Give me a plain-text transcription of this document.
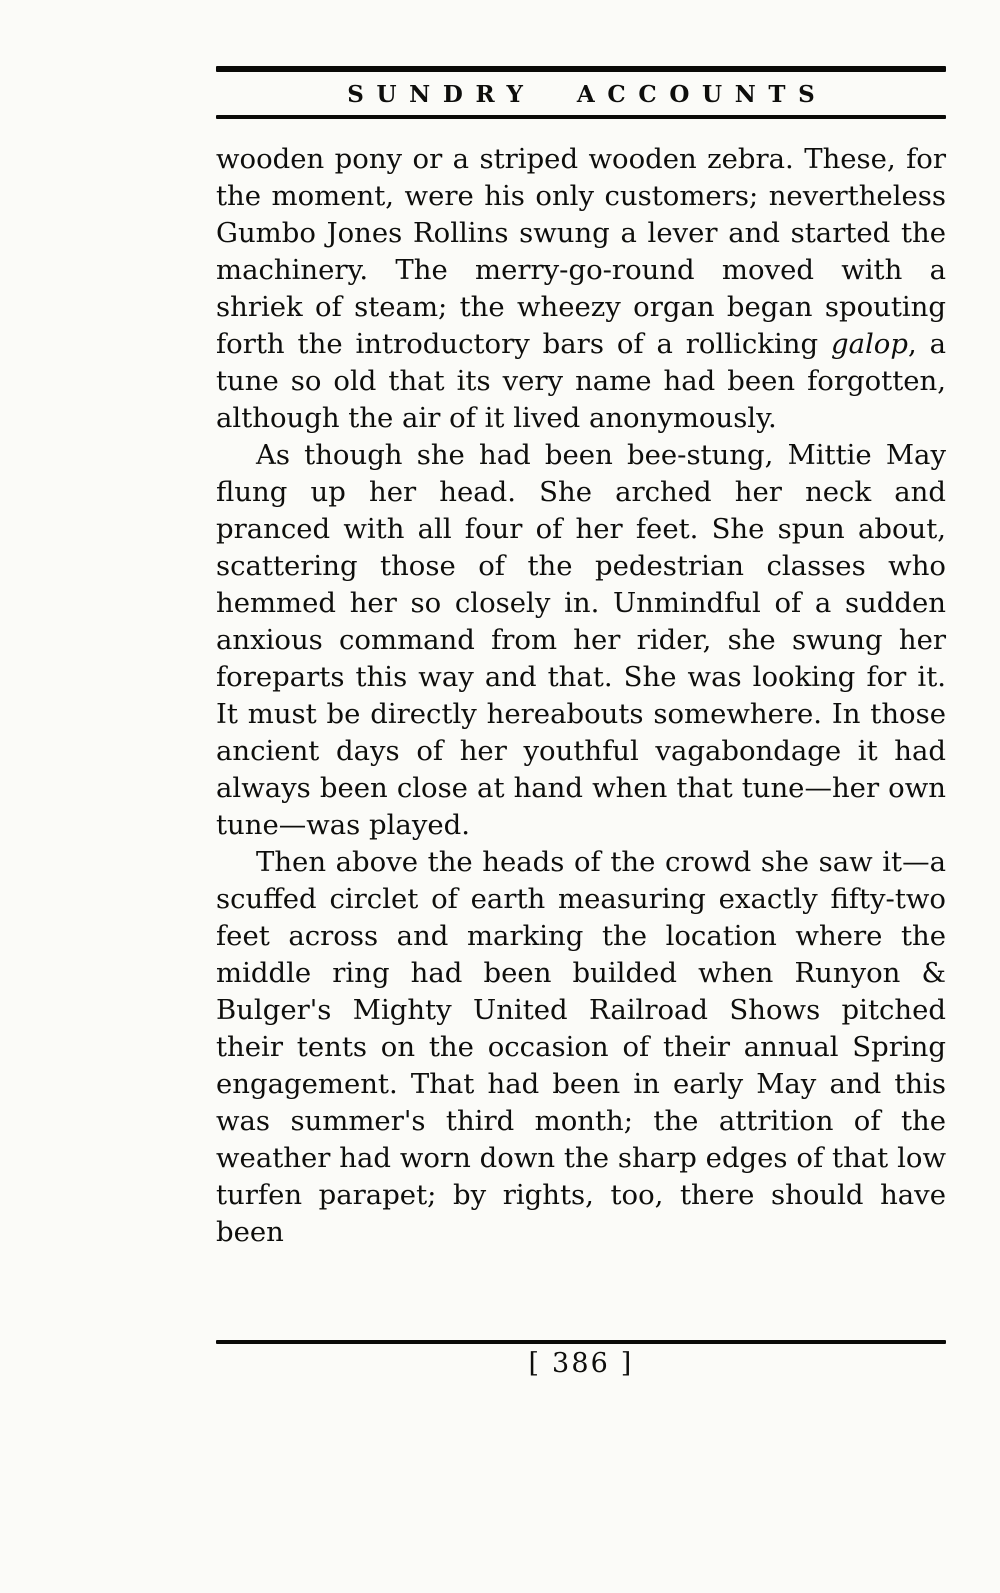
SUNDRY ACCOUNTS

wooden pony or a striped wooden zebra. These, for the moment, were his only customers; nevertheless Gumbo Jones Rollins swung a lever and started the machinery. The merry-go-round moved with a shriek of steam; the wheezy organ began spouting forth the introductory bars of a rollicking galop, a tune so old that its very name had been forgotten, although the air of it lived anonymously.

As though she had been bee-stung, Mittie May flung up her head. She arched her neck and pranced with all four of her feet. She spun about, scattering those of the pedestrian classes who hemmed her so closely in. Unmindful of a sudden anxious command from her rider, she swung her foreparts this way and that. She was looking for it. It must be directly hereabouts somewhere. In those ancient days of her youthful vagabondage it had always been close at hand when that tune—her own tune—was played.

Then above the heads of the crowd she saw it—a scuffed circlet of earth measuring exactly fifty-two feet across and marking the location where the middle ring had been builded when Runyon & Bulger's Mighty United Railroad Shows pitched their tents on the occasion of their annual Spring engagement. That had been in early May and this was summer's third month; the attrition of the weather had worn down the sharp edges of that low turfen parapet; by rights, too, there should have been

[ 386 ]
